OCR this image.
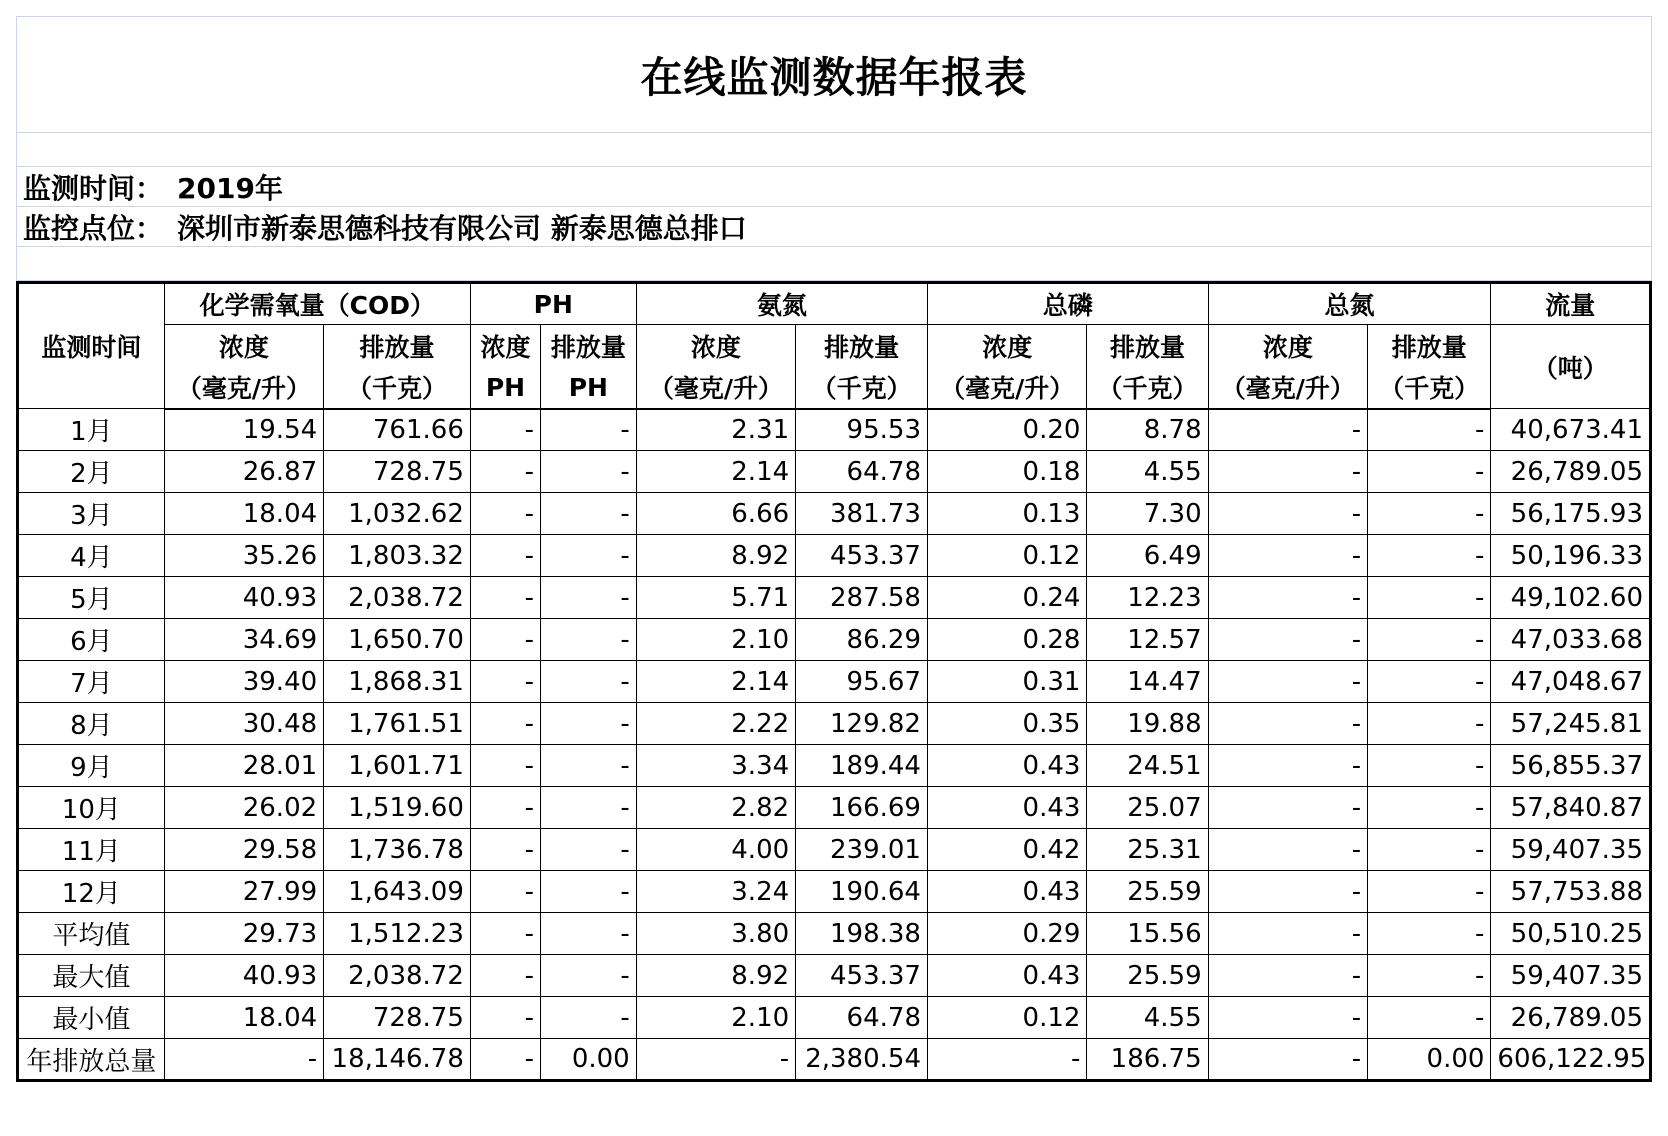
在线监测数据年报表
监测时间： 2019年
监控点位： 深圳市新泰思德科技有限公司 新泰思德总排口
监测时间	化学需氧量（COD）		PH		氨氮		总磷		总氮		流量
	浓度	排放量	浓度	排放量	浓度	排放量	浓度	排放量	浓度	排放量	（吨）
	（毫克/升）	（千克）	PH	PH	（毫克/升）	（千克）	（毫克/升）	（千克）	（毫克/升）	（千克）	
1月	19.54	761.66	-	-	2.31	95.53	0.20	8.78	-	-	40,673.41
2月	26.87	728.75	-	-	2.14	64.78	0.18	4.55	-	-	26,789.05
3月	18.04	1,032.62	-	-	6.66	381.73	0.13	7.30	-	-	56,175.93
4月	35.26	1,803.32	-	-	8.92	453.37	0.12	6.49	-	-	50,196.33
5月	40.93	2,038.72	-	-	5.71	287.58	0.24	12.23	-	-	49,102.60
6月	34.69	1,650.70	-	-	2.10	86.29	0.28	12.57	-	-	47,033.68
7月	39.40	1,868.31	-	-	2.14	95.67	0.31	14.47	-	-	47,048.67
8月	30.48	1,761.51	-	-	2.22	129.82	0.35	19.88	-	-	57,245.81
9月	28.01	1,601.71	-	-	3.34	189.44	0.43	24.51	-	-	56,855.37
10月	26.02	1,519.60	-	-	2.82	166.69	0.43	25.07	-	-	57,840.87
11月	29.58	1,736.78	-	-	4.00	239.01	0.42	25.31	-	-	59,407.35
12月	27.99	1,643.09	-	-	3.24	190.64	0.43	25.59	-	-	57,753.88
平均值	29.73	1,512.23	-	-	3.80	198.38	0.29	15.56	-	-	50,510.25
最大值	40.93	2,038.72	-	-	8.92	453.37	0.43	25.59	-	-	59,407.35
最小值	18.04	728.75	-	-	2.10	64.78	0.12	4.55	-	-	26,789.05
年排放总量	-	18,146.78	-	0.00	-	2,380.54	-	186.75	-	0.00	606,122.95
